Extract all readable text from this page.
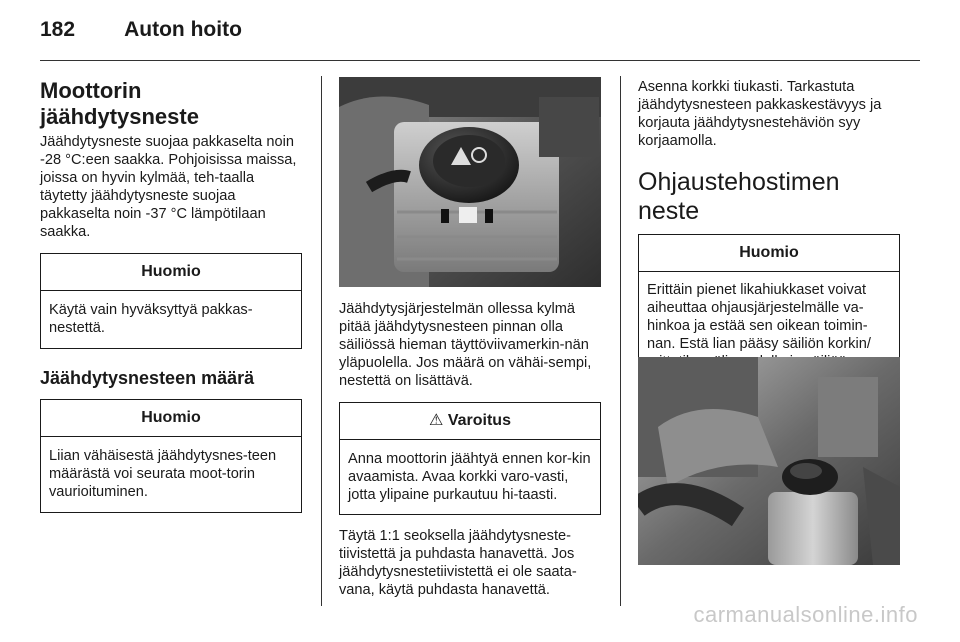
182 Auton hoito
Moottorin jäähdytysneste

Jäähdytysneste suojaa pakkaselta noin -28 °C:een saakka. Pohjoisissa maissa, joissa on hyvin kylmää, teh-taalla täytetty jäähdytysneste suojaa pakkaselta noin -37 °C lämpötilaan saakka.

Huomio
Käytä vain hyväksyttyä pakkas-nestettä.
Jäähdytysnesteen määrä
Huomio
Liian vähäisestä jäähdytysnes-teen määrästä voi seurata moot-torin vaurioituminen.

Jäähdytysjärjestelmän ollessa kylmä pitää jäähdytysnesteen pinnan olla säiliössä hieman täyttöviivamerkin-nän yläpuolella. Jos määrä on vähäi-sempi, nestettä on lisättävä.

⚠ Varoitus
Anna moottorin jäähtyä ennen kor-kin avaamista. Avaa korkki varo-vasti, jotta ylipaine purkautuu hi-taasti.

Täytä 1:1 seoksella jäähdytysneste-tiivistettä ja puhdasta hanavettä. Jos jäähdytysnestetiivistettä ei ole saata-vana, käytä puhdasta hanavettä.

Asenna korkki tiukasti. Tarkastuta jäähdytysnesteen pakkaskestävyys ja korjauta jäähdytysnestehäviön syy korjaamolla.

Ohjaustehostimen neste
Huomio
Erittäin pienet likahiukkaset voivat aiheuttaa ohjausjärjestelmälle va-hinkoa ja estää sen oikean toimin-nan. Estä lian pääsy säiliön korkin/
carmanualsonline.info
